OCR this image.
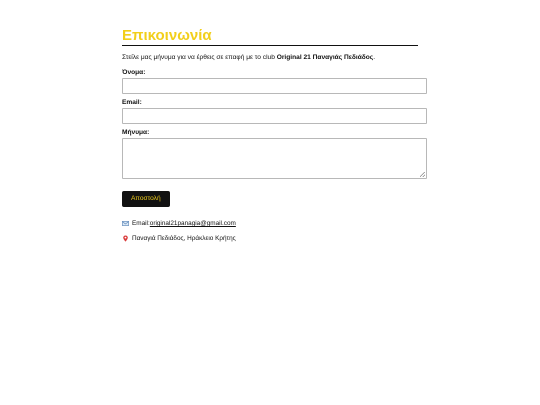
Επικοινωνία

Στείλε μας μήνυμα για να έρθεις σε επαφή με το club Original 21 Παναγιάς Πεδιάδος.

Όνομα:
Email:
Μήνυμα:
Αποστολή
Email: original21panagia@gmail.com
Παναγιά Πεδιάδος, Ηράκλειο Κρήτης
